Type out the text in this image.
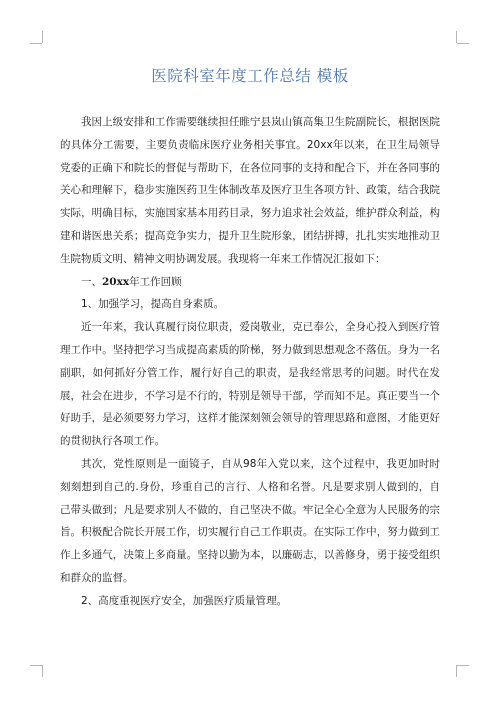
医院科室年度工作总结 模板

我因上级安排和工作需要继续担任睢宁县岚山镇高集卫生院副院长，根据医院的具体分工需要，主要负责临床医疗业务相关事宜。20xx年以来，在卫生局领导党委的正确下和院长的督促与帮助下，在各位同事的支持和配合下，并在各同事的关心和理解下，稳步实施医药卫生体制改革及医疗卫生各项方针、政策，结合我院实际，明确目标，实施国家基本用药目录，努力追求社会效益，维护群众利益，构建和谐医患关系；提高竞争实力，提升卫生院形象，团结拼搏，扎扎实实地推动卫生院物质文明、精神文明协调发展。我现将一年来工作情况汇报如下：

一、20xx年工作回顾

1、加强学习，提高自身素质。

近一年来，我认真履行岗位职责，爱岗敬业，克已奉公，全身心投入到医疗管理工作中。坚持把学习当成提高素质的阶梯，努力做到思想观念不落伍。身为一名副职，如何抓好分管工作，履行好自己的职责，是我经常思考的问题。时代在发展，社会在进步，不学习是不行的，特别是领导干部，学而知不足。真正要当一个好助手，是必须要努力学习，这样才能深刻领会领导的管理思路和意图，才能更好的贯彻执行各项工作。

其次，党性原则是一面镜子，自从98年入党以来，这个过程中，我更加时时刻刻想到自己的.身份，珍重自己的言行、人格和名誉。凡是要求别人做到的，自己带头做到；凡是要求别人不做的，自己坚决不做。牢记全心全意为人民服务的宗旨。积极配合院长开展工作，切实履行自己工作职责。在实际工作中，努力做到工作上多通气，决策上多商量。坚持以勤为本，以廉砺志，以善修身，勇于接受组织和群众的监督。

2、高度重视医疗安全，加强医疗质量管理。
